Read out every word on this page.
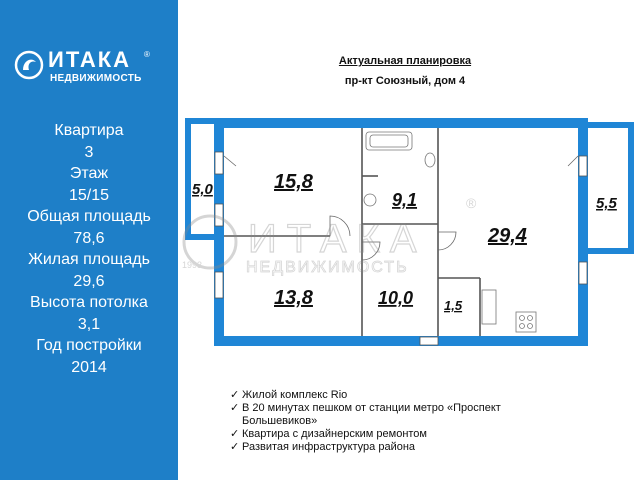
ИТАКА ®
НЕДВИЖИМОСТЬ
Квартира
3
Этаж
15/15
Общая площадь
78,6
Жилая площадь
29,6
Высота потолка
3,1
Год постройки
2014
Актуальная планировка
пр-кт Союзный, дом 4
ИТАКА
НЕДВИЖИМОСТЬ
1993
®
5,0	15,8
9,1
29,4
5,5
13,8	10,0 1,5
✓ Жилой комплекс Rio
✓ В 20 минутах пешком от станции метро «Проспект Большевиков»
✓ Квартира с дизайнерским ремонтом
✓ Развитая инфраструктура района
